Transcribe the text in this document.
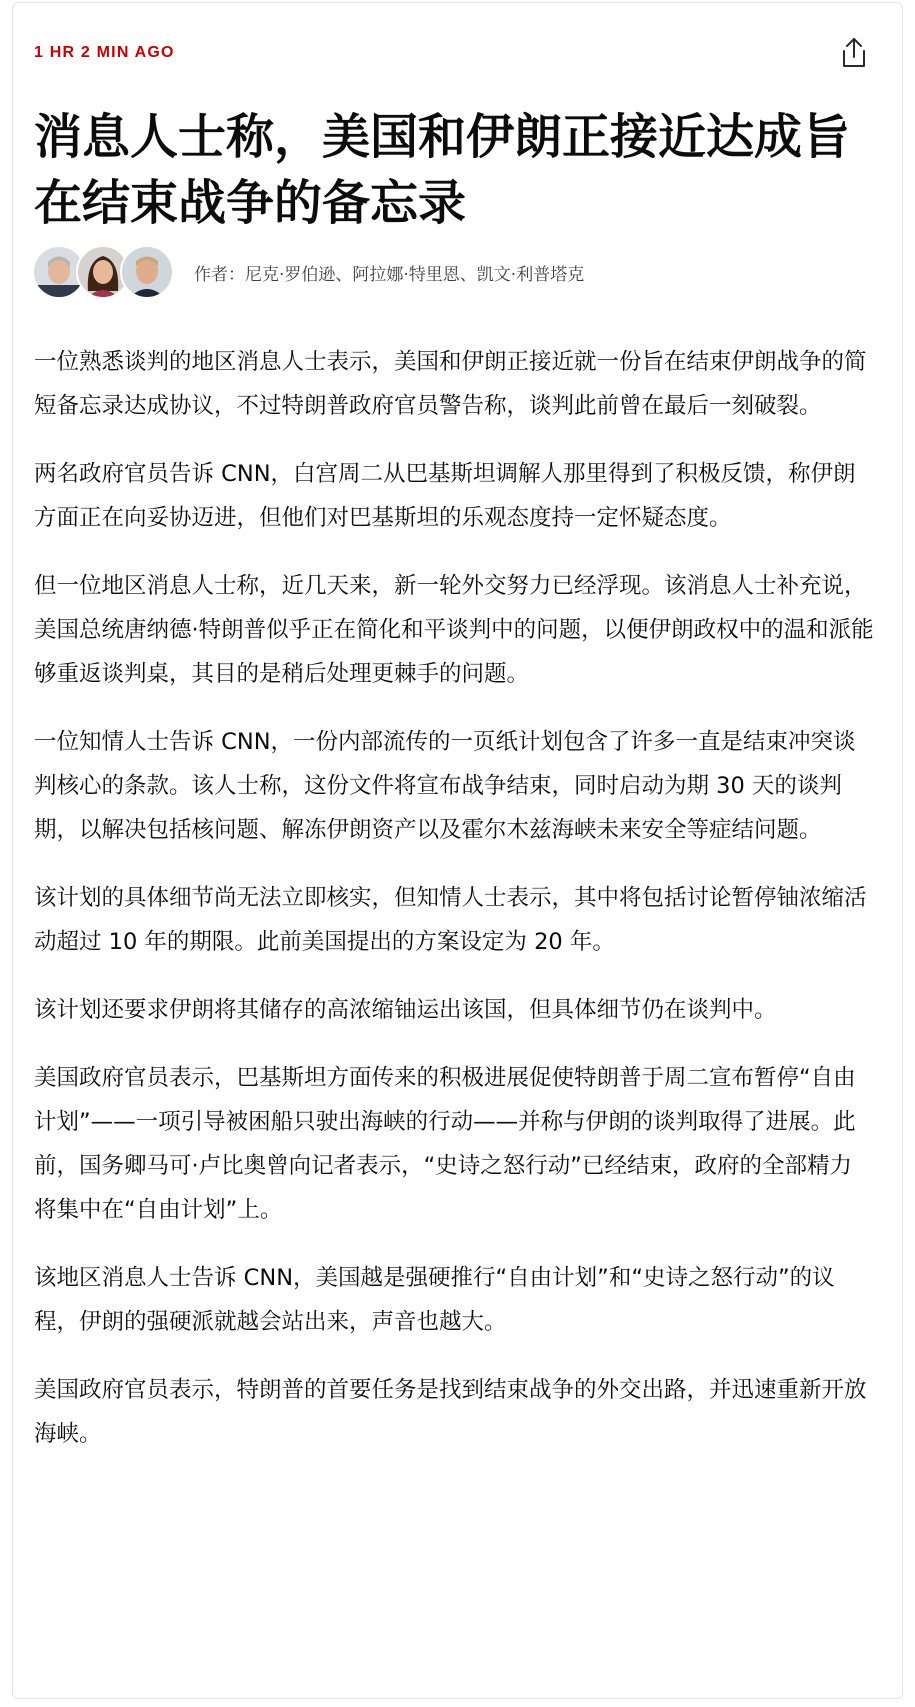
1 HR 2 MIN AGO
消息人士称，美国和伊朗正接近达成旨在结束战争的备忘录
作者：尼克·罗伯逊、阿拉娜·特里恩、凯文·利普塔克

一位熟悉谈判的地区消息人士表示，美国和伊朗正接近就一份旨在结束伊朗战争的简短备忘录达成协议，不过特朗普政府官员警告称，谈判此前曾在最后一刻破裂。

两名政府官员告诉 CNN，白宫周二从巴基斯坦调解人那里得到了积极反馈，称伊朗方面正在向妥协迈进，但他们对巴基斯坦的乐观态度持一定怀疑态度。

但一位地区消息人士称，近几天来，新一轮外交努力已经浮现。该消息人士补充说，美国总统唐纳德·特朗普似乎正在简化和平谈判中的问题，以便伊朗政权中的温和派能够重返谈判桌，其目的是稍后处理更棘手的问题。

一位知情人士告诉 CNN，一份内部流传的一页纸计划包含了许多一直是结束冲突谈判核心的条款。该人士称，这份文件将宣布战争结束，同时启动为期 30 天的谈判期，以解决包括核问题、解冻伊朗资产以及霍尔木兹海峡未来安全等症结问题。

该计划的具体细节尚无法立即核实，但知情人士表示，其中将包括讨论暂停铀浓缩活动超过 10 年的期限。此前美国提出的方案设定为 20 年。

该计划还要求伊朗将其储存的高浓缩铀运出该国，但具体细节仍在谈判中。

美国政府官员表示，巴基斯坦方面传来的积极进展促使特朗普于周二宣布暂停“自由计划”——一项引导被困船只驶出海峡的行动——并称与伊朗的谈判取得了进展。此前，国务卿马可·卢比奥曾向记者表示，“史诗之怒行动”已经结束，政府的全部精力将集中在“自由计划”上。

该地区消息人士告诉 CNN，美国越是强硬推行“自由计划”和“史诗之怒行动”的议程，伊朗的强硬派就越会站出来，声音也越大。

美国政府官员表示，特朗普的首要任务是找到结束战争的外交出路，并迅速重新开放海峡。
